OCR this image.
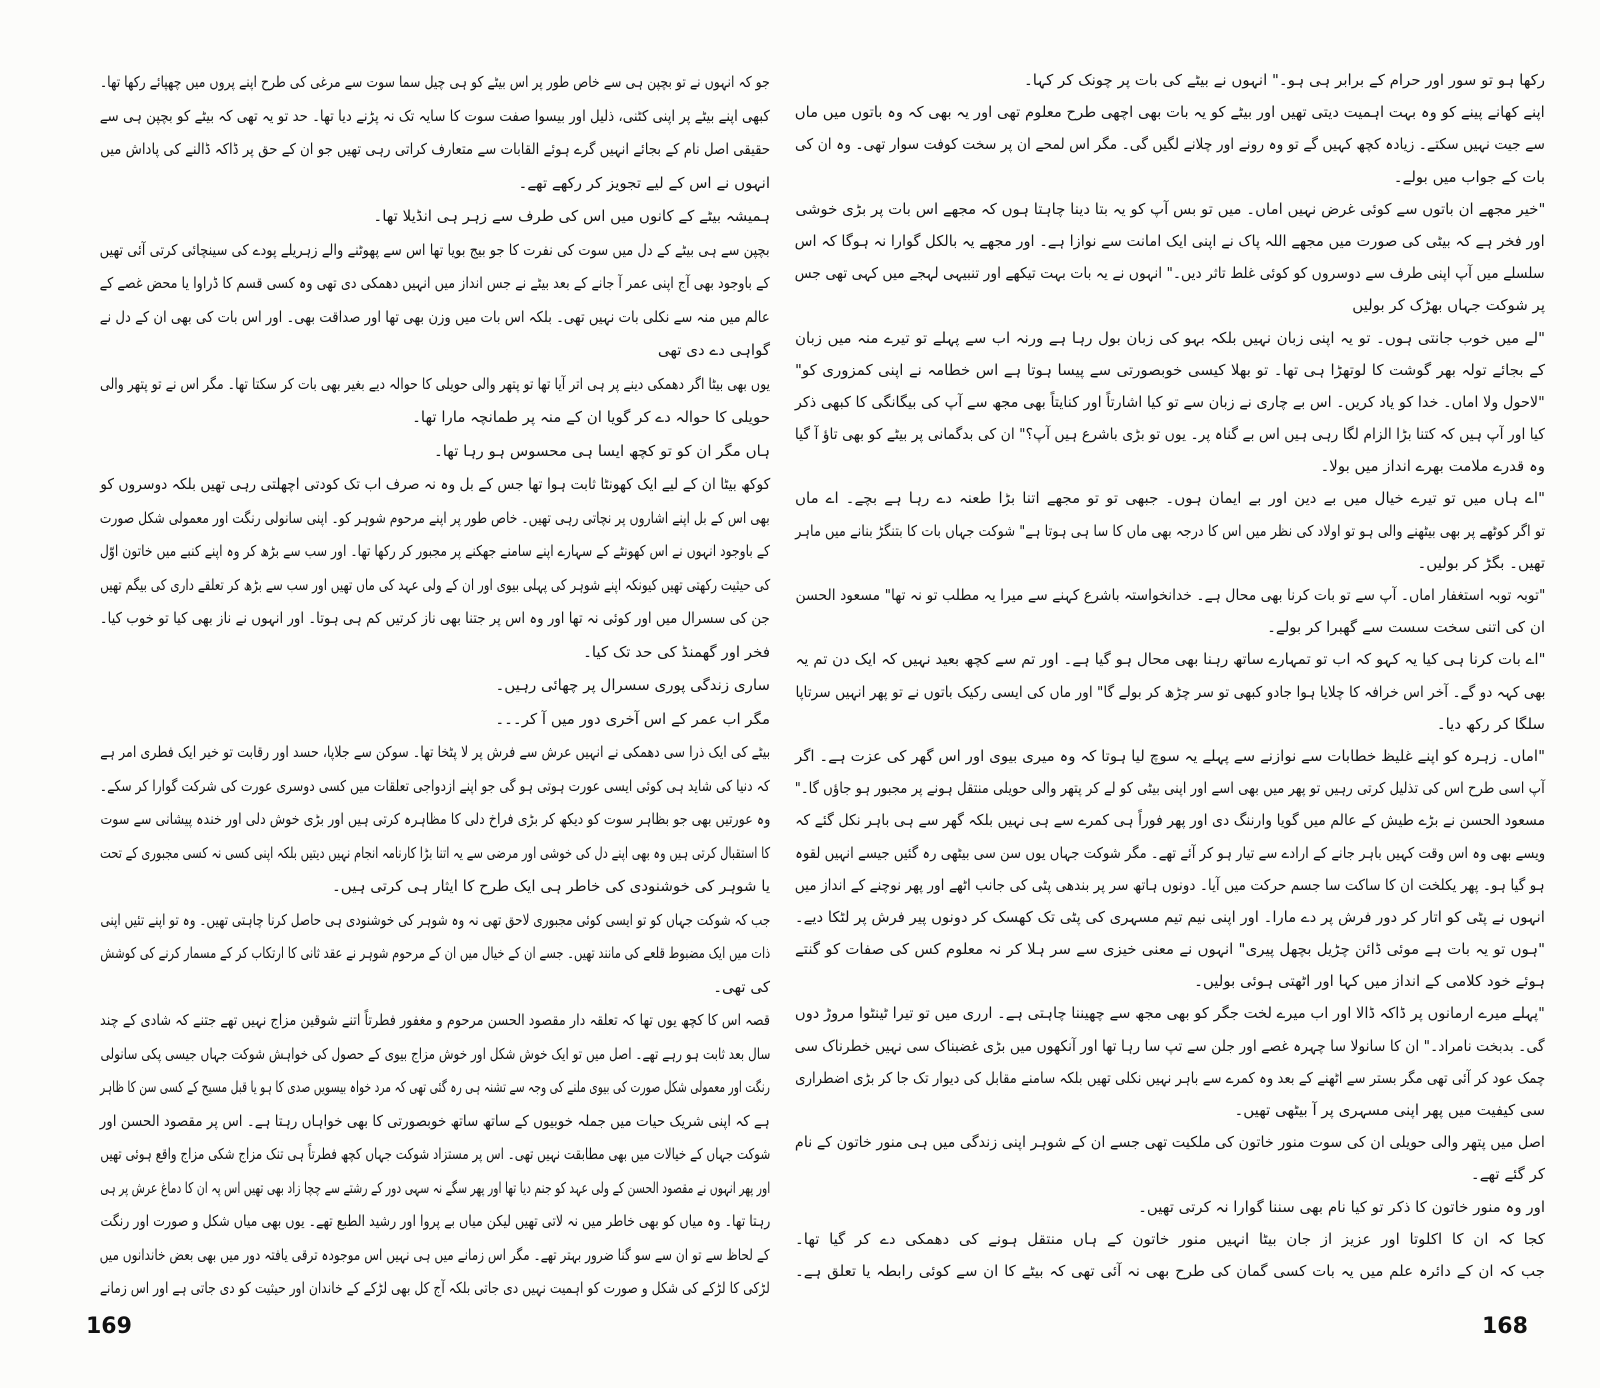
جو کہ انہوں نے تو بچپن ہی سے خاص طور پر اس بیٹے کو ہی چیل سما سوت سے مرغی کی طرح اپنے پروں میں چھپائے رکھا تھا۔
کبھی اپنے بیٹے پر اپنی کٹنی، ذلیل اور بیسوا صفت سوت کا سایہ تک نہ پڑنے دیا تھا۔ حد تو یہ تھی کہ بیٹے کو بچپن ہی سے
حقیقی اصل نام کے بجائے انہیں گرے ہوئے القابات سے متعارف کراتی رہی تھیں جو ان کے حق پر ڈاکہ ڈالنے کی پاداش میں
انہوں نے اس کے لیے تجویز کر رکھے تھے۔
ہمیشہ بیٹے کے کانوں میں اس کی طرف سے زہر ہی انڈیلا تھا۔
بچپن سے ہی بیٹے کے دل میں سوت کی نفرت کا جو بیج بویا تھا اس سے پھوٹنے والے زہریلے پودے کی سینچائی کرتی آئی تھیں
کے باوجود بھی آج اپنی عمر آ جانے کے بعد بیٹے نے جس انداز میں انہیں دھمکی دی تھی وہ کسی قسم کا ڈراوا یا محض غصے کے
عالم میں منہ سے نکلی بات نہیں تھی۔ بلکہ اس بات میں وزن بھی تھا اور صداقت بھی۔ اور اس بات کی بھی ان کے دل نے
گواہی دے دی تھی
یوں بھی بیٹا اگر دھمکی دینے پر ہی اتر آیا تھا تو پتھر والی حویلی کا حوالہ دیے بغیر بھی بات کر سکتا تھا۔ مگر اس نے تو پتھر والی
حویلی کا حوالہ دے کر گویا ان کے منہ پر طمانچہ مارا تھا۔
ہاں مگر ان کو تو کچھ ایسا ہی محسوس ہو رہا تھا۔
کوکھ بیٹا ان کے لیے ایک کھونٹا ثابت ہوا تھا جس کے بل وہ نہ صرف اب تک کودتی اچھلتی رہی تھیں بلکہ دوسروں کو
بھی اس کے بل اپنے اشاروں پر نچاتی رہی تھیں۔ خاص طور پر اپنے مرحوم شوہر کو۔ اپنی سانولی رنگت اور معمولی شکل صورت
کے باوجود انہوں نے اس کھونٹے کے سہارے اپنے سامنے جھکنے پر مجبور کر رکھا تھا۔ اور سب سے بڑھ کر وہ اپنے کنبے میں خاتون اوّل
کی حیثیت رکھتی تھیں کیونکہ اپنے شوہر کی پہلی بیوی اور ان کے ولی عہد کی ماں تھیں اور سب سے بڑھ کر تعلقے داری کی بیگم تھیں
جن کی سسرال میں اور کوئی نہ تھا اور وہ اس پر جتنا بھی ناز کرتیں کم ہی ہوتا۔ اور انہوں نے ناز بھی کیا تو خوب کیا۔
فخر اور گھمنڈ کی حد تک کیا۔
ساری زندگی پوری سسرال پر چھائی رہیں۔
مگر اب عمر کے اس آخری دور میں آ کر۔۔۔
بیٹے کی ایک ذرا سی دھمکی نے انہیں عرش سے فرش پر لا پٹخا تھا۔ سوکن سے جلاپا، حسد اور رقابت تو خیر ایک فطری امر ہے
کہ دنیا کی شاید ہی کوئی ایسی عورت ہوتی ہو گی جو اپنے ازدواجی تعلقات میں کسی دوسری عورت کی شرکت گوارا کر سکے۔
وہ عورتیں بھی جو بظاہر سوت کو دیکھ کر بڑی فراخ دلی کا مظاہرہ کرتی ہیں اور بڑی خوش دلی اور خندہ پیشانی سے سوت
کا استقبال کرتی ہیں وہ بھی اپنے دل کی خوشی اور مرضی سے یہ اتنا بڑا کارنامہ انجام نہیں دیتیں بلکہ اپنی کسی نہ کسی مجبوری کے تحت
یا شوہر کی خوشنودی کی خاطر ہی ایک طرح کا ایثار ہی کرتی ہیں۔
جب کہ شوکت جہاں کو تو ایسی کوئی مجبوری لاحق تھی نہ وہ شوہر کی خوشنودی ہی حاصل کرنا چاہتی تھیں۔ وہ تو اپنے تئیں اپنی
ذات میں ایک مضبوط قلعے کی مانند تھیں۔ جسے ان کے خیال میں ان کے مرحوم شوہر نے عقد ثانی کا ارتکاب کر کے مسمار کرنے کی کوشش
کی تھی۔
قصہ اس کا کچھ یوں تھا کہ تعلقہ دار مقصود الحسن مرحوم و مغفور فطرتاً اتنے شوقین مزاج نہیں تھے جتنے کہ شادی کے چند
سال بعد ثابت ہو رہے تھے۔ اصل میں تو ایک خوش شکل اور خوش مزاج بیوی کے حصول کی خواہش شوکت جہاں جیسی پکی سانولی
رنگت اور معمولی شکل صورت کی بیوی ملنے کی وجہ سے تشنہ ہی رہ گئی تھی کہ مرد خواہ بیسویں صدی کا ہو یا قبل مسیح کے کسی سن کا ظاہر
ہے کہ اپنی شریک حیات میں جملہ خوبیوں کے ساتھ ساتھ خوبصورتی کا بھی خواہاں رہتا ہے۔ اس پر مقصود الحسن اور
شوکت جہاں کے خیالات میں بھی مطابقت نہیں تھی۔ اس پر مستزاد شوکت جہاں کچھ فطرتاً ہی تنک مزاج شکی مزاج واقع ہوئی تھیں
اور پھر انہوں نے مقصود الحسن کے ولی عہد کو جنم دیا تھا اور پھر سگے نہ سہی دور کے رشتے سے چچا زاد بھی تھیں اس پہ ان کا دماغ عرش پر ہی
رہتا تھا۔ وہ میاں کو بھی خاطر میں نہ لاتی تھیں لیکن میاں بے پروا اور رشید الطبع تھے۔ یوں بھی میاں شکل و صورت اور رنگت
کے لحاظ سے تو ان سے سو گنا ضرور بہتر تھے۔ مگر اس زمانے میں ہی نہیں اس موجودہ ترقی یافتہ دور میں بھی بعض خاندانوں میں
لڑکی کا لڑکے کی شکل و صورت کو اہمیت نہیں دی جاتی بلکہ آج کل بھی لڑکے کے خاندان اور حیثیت کو دی جاتی ہے اور اس زمانے
169
رکھا ہو تو سور اور حرام کے برابر ہی ہو۔" انہوں نے بیٹے کی بات پر چونک کر کہا۔
اپنے کھانے پینے کو وہ بہت اہمیت دیتی تھیں اور بیٹے کو یہ بات بھی اچھی طرح معلوم تھی اور یہ بھی کہ وہ باتوں میں ماں
سے جیت نہیں سکتے۔ زیادہ کچھ کہیں گے تو وہ رونے اور چلانے لگیں گی۔ مگر اس لمحے ان پر سخت کوفت سوار تھی۔ وہ ان کی
بات کے جواب میں بولے۔
"خیر مجھے ان باتوں سے کوئی غرض نہیں اماں۔ میں تو بس آپ کو یہ بتا دینا چاہتا ہوں کہ مجھے اس بات پر بڑی خوشی
اور فخر ہے کہ بیٹی کی صورت میں مجھے اللہ پاک نے اپنی ایک امانت سے نوازا ہے۔ اور مجھے یہ بالکل گوارا نہ ہوگا کہ اس
سلسلے میں آپ اپنی طرف سے دوسروں کو کوئی غلط تاثر دیں۔" انہوں نے یہ بات بہت تیکھے اور تنبیہی لہجے میں کہی تھی جس
پر شوکت جہاں بھڑک کر بولیں
"لے میں خوب جانتی ہوں۔ تو یہ اپنی زبان نہیں بلکہ بہو کی زبان بول رہا ہے ورنہ اب سے پہلے تو تیرے منہ میں زبان
کے بجائے تولہ بھر گوشت کا لوتھڑا ہی تھا۔ تو بھلا کیسی خوبصورتی سے پیسا ہوتا ہے اس خطامہ نے اپنی کمزوری کو"
"لاحول ولا اماں۔ خدا کو یاد کریں۔ اس بے چاری نے زبان سے تو کیا اشارتاً اور کنایتاً بھی مجھ سے آپ کی بیگانگی کا کبھی ذکر
کیا اور آپ ہیں کہ کتنا بڑا الزام لگا رہی ہیں اس بے گناہ پر۔ یوں تو بڑی باشرع ہیں آپ؟" ان کی بدگمانی پر بیٹے کو بھی تاؤ آ گیا
وہ قدرے ملامت بھرے انداز میں بولا۔
"اے ہاں میں تو تیرے خیال میں بے دین اور بے ایمان ہوں۔ جبھی تو تو مجھے اتنا بڑا طعنہ دے رہا ہے بچے۔ اے ماں
تو اگر کوٹھے پر بھی بیٹھنے والی ہو تو اولاد کی نظر میں اس کا درجہ بھی ماں کا سا ہی ہوتا ہے" شوکت جہاں بات کا بتنگڑ بنانے میں ماہر
تھیں۔ بگڑ کر بولیں۔
"توبہ توبہ استغفار اماں۔ آپ سے تو بات کرنا بھی محال ہے۔ خدانخواستہ باشرع کہنے سے میرا یہ مطلب تو نہ تھا" مسعود الحسن
ان کی اتنی سخت سست سے گھبرا کر بولے۔
"اے بات کرنا ہی کیا یہ کہو کہ اب تو تمہارے ساتھ رہنا بھی محال ہو گیا ہے۔ اور تم سے کچھ بعید نہیں کہ ایک دن تم یہ
بھی کہہ دو گے۔ آخر اس خرافہ کا چلایا ہوا جادو کبھی تو سر چڑھ کر بولے گا" اور ماں کی ایسی رکیک باتوں نے تو پھر انہیں سرتاپا
سلگا کر رکھ دیا۔
"اماں۔ زہرہ کو اپنے غلیظ خطابات سے نوازنے سے پہلے یہ سوچ لیا ہوتا کہ وہ میری بیوی اور اس گھر کی عزت ہے۔ اگر
آپ اسی طرح اس کی تذلیل کرتی رہیں تو پھر میں بھی اسے اور اپنی بیٹی کو لے کر پتھر والی حویلی منتقل ہونے پر مجبور ہو جاؤں گا۔"
مسعود الحسن نے بڑے طیش کے عالم میں گویا وارننگ دی اور پھر فوراً ہی کمرے سے ہی نہیں بلکہ گھر سے ہی باہر نکل گئے کہ
ویسے بھی وہ اس وقت کہیں باہر جانے کے ارادے سے تیار ہو کر آئے تھے۔ مگر شوکت جہاں یوں سن سی بیٹھی رہ گئیں جیسے انہیں لقوہ
ہو گیا ہو۔ پھر یکلخت ان کا ساکت سا جسم حرکت میں آیا۔ دونوں ہاتھ سر پر بندھی پٹی کی جانب اٹھے اور پھر نوچنے کے انداز میں
انہوں نے پٹی کو اتار کر دور فرش پر دے مارا۔ اور اپنی نیم تیم مسہری کی پٹی تک کھسک کر دونوں پیر فرش پر لٹکا دیے۔
"ہوں تو یہ بات ہے موئی ڈائن چڑیل بچھل پیری" انہوں نے معنی خیزی سے سر ہلا کر نہ معلوم کس کی صفات کو گنتے
ہوئے خود کلامی کے انداز میں کہا اور اٹھتی ہوئی بولیں۔
"پہلے میرے ارمانوں پر ڈاکہ ڈالا اور اب میرے لخت جگر کو بھی مجھ سے چھیننا چاہتی ہے۔ ارری میں تو تیرا ٹینٹوا مروڑ دوں
گی۔ بدبخت نامراد۔" ان کا سانولا سا چہرہ غصے اور جلن سے تپ سا رہا تھا اور آنکھوں میں بڑی غضبناک سی نہیں خطرناک سی
چمک عود کر آئی تھی مگر بستر سے اٹھنے کے بعد وہ کمرے سے باہر نہیں نکلی تھیں بلکہ سامنے مقابل کی دیوار تک جا کر بڑی اضطراری
سی کیفیت میں پھر اپنی مسہری پر آ بیٹھی تھیں۔
اصل میں پتھر والی حویلی ان کی سوت منور خاتون کی ملکیت تھی جسے ان کے شوہر اپنی زندگی میں ہی منور خاتون کے نام
کر گئے تھے۔
اور وہ منور خاتون کا ذکر تو کیا نام بھی سننا گوارا نہ کرتی تھیں۔
کجا کہ ان کا اکلوتا اور عزیز از جان بیٹا انہیں منور خاتون کے ہاں منتقل ہونے کی دھمکی دے کر گیا تھا۔
جب کہ ان کے دائرہ علم میں یہ بات کسی گمان کی طرح بھی نہ آئی تھی کہ بیٹے کا ان سے کوئی رابطہ یا تعلق ہے۔
168
